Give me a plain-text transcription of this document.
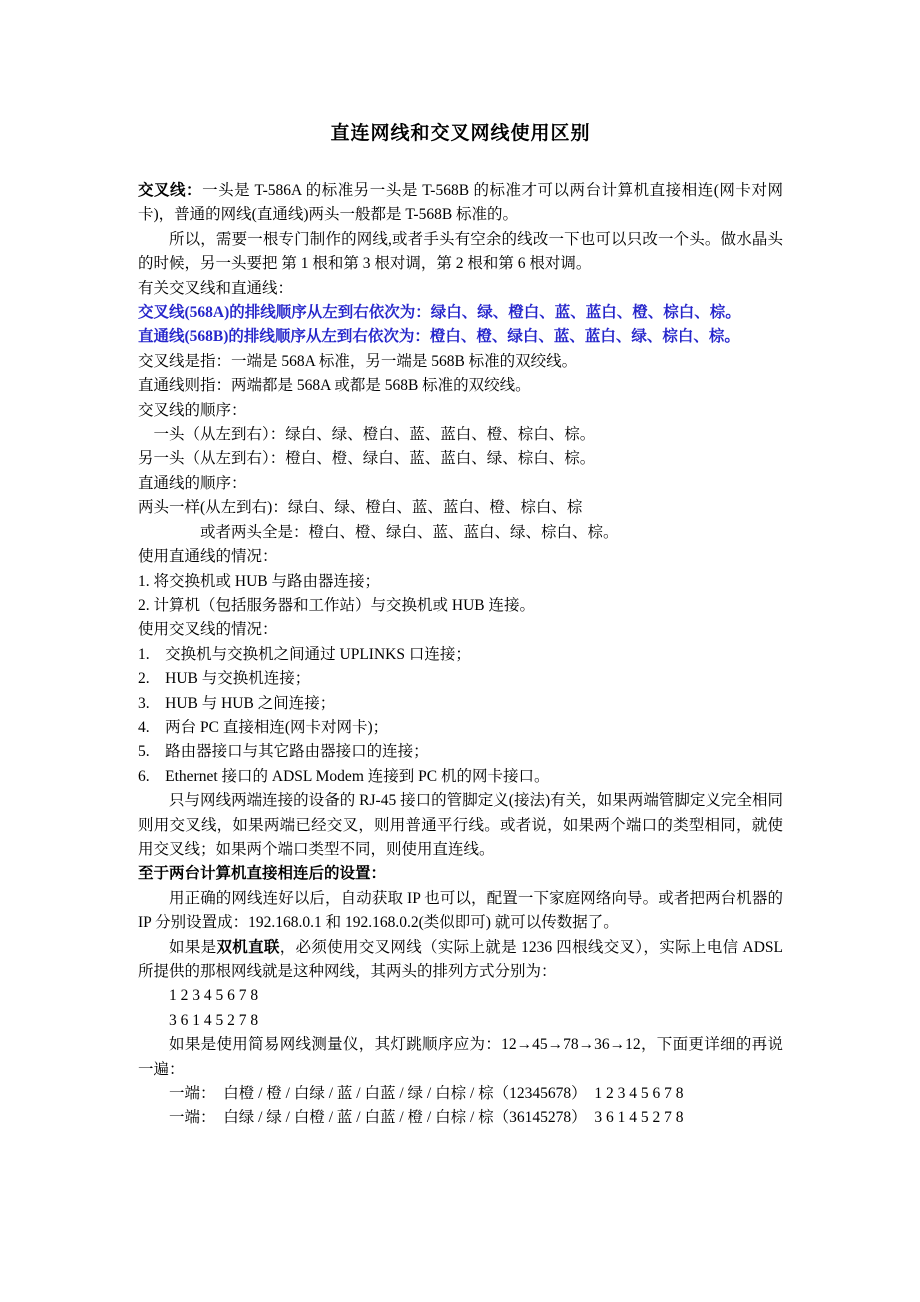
直连网线和交叉网线使用区别

交叉线：一头是 T-586A 的标准另一头是 T-568B 的标准才可以两台计算机直接相连(网卡对网卡)，普通的网线(直通线)两头一般都是 T-568B 标准的。

所以，需要一根专门制作的网线,或者手头有空余的线改一下也可以只改一个头。做水晶头的时候，另一头要把 第 1 根和第 3 根对调，第 2 根和第 6 根对调。

有关交叉线和直通线：

交叉线(568A)的排线顺序从左到右依次为：绿白、绿、橙白、蓝、蓝白、橙、棕白、棕。

直通线(568B)的排线顺序从左到右依次为：橙白、橙、绿白、蓝、蓝白、绿、棕白、棕。

交叉线是指：一端是 568A 标准，另一端是 568B 标准的双绞线。

直通线则指：两端都是 568A 或都是 568B 标准的双绞线。

交叉线的顺序：

　一头（从左到右）：绿白、绿、橙白、蓝、蓝白、橙、棕白、棕。

另一头（从左到右）：橙白、橙、绿白、蓝、蓝白、绿、棕白、棕。

直通线的顺序：

两头一样(从左到右)：绿白、绿、橙白、蓝、蓝白、橙、棕白、棕

　　　　或者两头全是：橙白、橙、绿白、蓝、蓝白、绿、棕白、棕。

使用直通线的情况：

1. 将交换机或 HUB 与路由器连接；

2. 计算机（包括服务器和工作站）与交换机或 HUB 连接。

使用交叉线的情况：

1.　交换机与交换机之间通过 UPLINKS 口连接；

2.　HUB 与交换机连接；

3.　HUB 与 HUB 之间连接；

4.　两台 PC 直接相连(网卡对网卡)；

5.　路由器接口与其它路由器接口的连接；

6.　Ethernet 接口的 ADSL Modem 连接到 PC 机的网卡接口。

只与网线两端连接的设备的 RJ-45 接口的管脚定义(接法)有关，如果两端管脚定义完全相同则用交叉线，如果两端已经交叉，则用普通平行线。或者说，如果两个端口的类型相同，就使用交叉线；如果两个端口类型不同，则使用直连线。

至于两台计算机直接相连后的设置：

用正确的网线连好以后，自动获取 IP 也可以，配置一下家庭网络向导。或者把两台机器的 IP 分别设置成：192.168.0.1 和 192.168.0.2(类似即可) 就可以传数据了。

如果是双机直联，必须使用交叉网线（实际上就是 1236 四根线交叉），实际上电信 ADSL 所提供的那根网线就是这种网线，其两头的排列方式分别为：

　　1 2 3 4 5 6 7 8

　　3 6 1 4 5 2 7 8

如果是使用简易网线测量仪，其灯跳顺序应为：12→45→78→36→12，下面更详细的再说一遍：

　　一端：　白橙 / 橙 / 白绿 / 蓝 / 白蓝 / 绿 / 白棕 / 棕（12345678）　1 2 3 4 5 6 7 8

　　一端：　白绿 / 绿 / 白橙 / 蓝 / 白蓝 / 橙 / 白棕 / 棕（36145278）　3 6 1 4 5 2 7 8
